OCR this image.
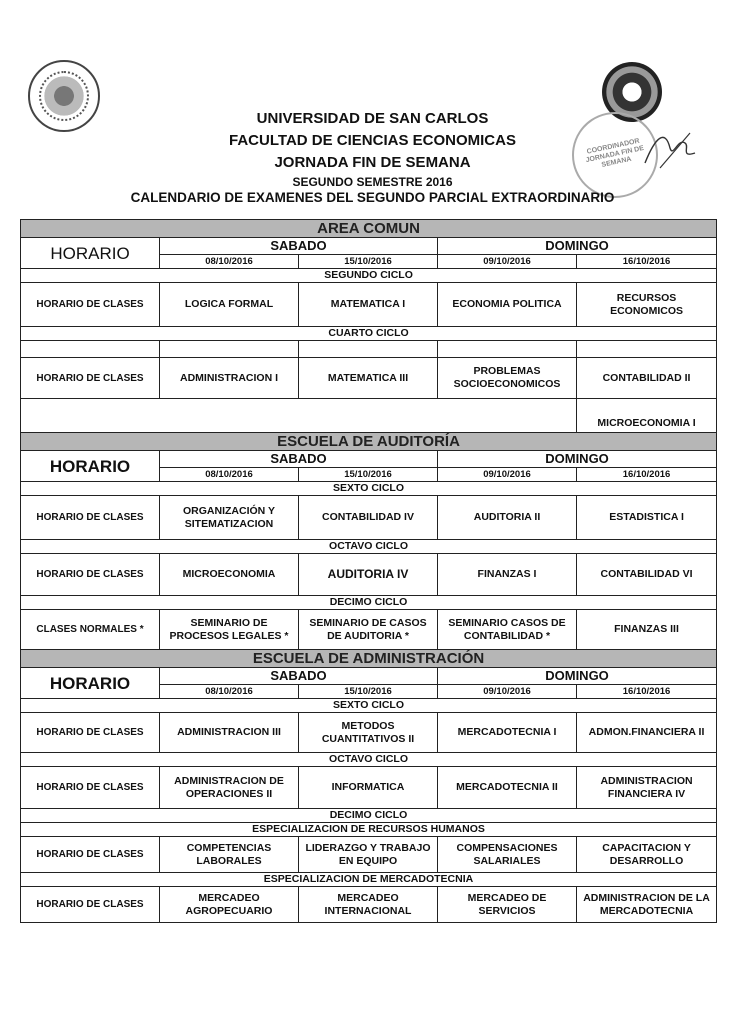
COORDINADOR JORNADA FIN DE SEMANA
UNIVERSIDAD DE SAN CARLOS
FACULTAD DE CIENCIAS ECONOMICAS
JORNADA FIN DE SEMANA
SEGUNDO SEMESTRE 2016
CALENDARIO DE EXAMENES DEL SEGUNDO PARCIAL EXTRAORDINARIO
AREA COMUN				
HORARIO	SABADO		DOMINGO	
	08/10/2016	15/10/2016	09/10/2016	16/10/2016
SEGUNDO CICLO				
HORARIO DE CLASES	LOGICA FORMAL	MATEMATICA I	ECONOMIA POLITICA	RECURSOS ECONOMICOS
CUARTO CICLO				

HORARIO DE CLASES	ADMINISTRACION I	MATEMATICA III	PROBLEMAS SOCIOECONOMICOS	CONTABILIDAD II
				MICROECONOMIA I
ESCUELA DE AUDITORÍA				
HORARIO	SABADO		DOMINGO	
	08/10/2016	15/10/2016	09/10/2016	16/10/2016
SEXTO CICLO				
HORARIO DE CLASES	ORGANIZACIÓN Y SITEMATIZACION	CONTABILIDAD IV	AUDITORIA II	ESTADISTICA I
OCTAVO CICLO				
HORARIO DE CLASES	MICROECONOMIA	AUDITORIA IV	FINANZAS I	CONTABILIDAD VI
DECIMO CICLO				
CLASES NORMALES *	SEMINARIO DE PROCESOS LEGALES *	SEMINARIO DE CASOS DE AUDITORIA *	SEMINARIO CASOS DE CONTABILIDAD *	FINANZAS III
ESCUELA DE ADMINISTRACIÓN				
HORARIO	SABADO		DOMINGO	
	08/10/2016	15/10/2016	09/10/2016	16/10/2016
SEXTO CICLO				
HORARIO DE CLASES	ADMINISTRACION III	METODOS CUANTITATIVOS II	MERCADOTECNIA I	ADMON.FINANCIERA II
OCTAVO CICLO				
HORARIO DE CLASES	ADMINISTRACION DE OPERACIONES II	INFORMATICA	MERCADOTECNIA II	ADMINISTRACION FINANCIERA IV
DECIMO CICLO				
ESPECIALIZACION DE RECURSOS HUMANOS				
HORARIO DE CLASES	COMPETENCIAS LABORALES	LIDERAZGO Y TRABAJO EN EQUIPO	COMPENSACIONES SALARIALES	CAPACITACION Y DESARROLLO
ESPECIALIZACION DE MERCADOTECNIA				
HORARIO DE CLASES	MERCADEO AGROPECUARIO	MERCADEO INTERNACIONAL	MERCADEO DE SERVICIOS	ADMINISTRACION DE LA MERCADOTECNIA
